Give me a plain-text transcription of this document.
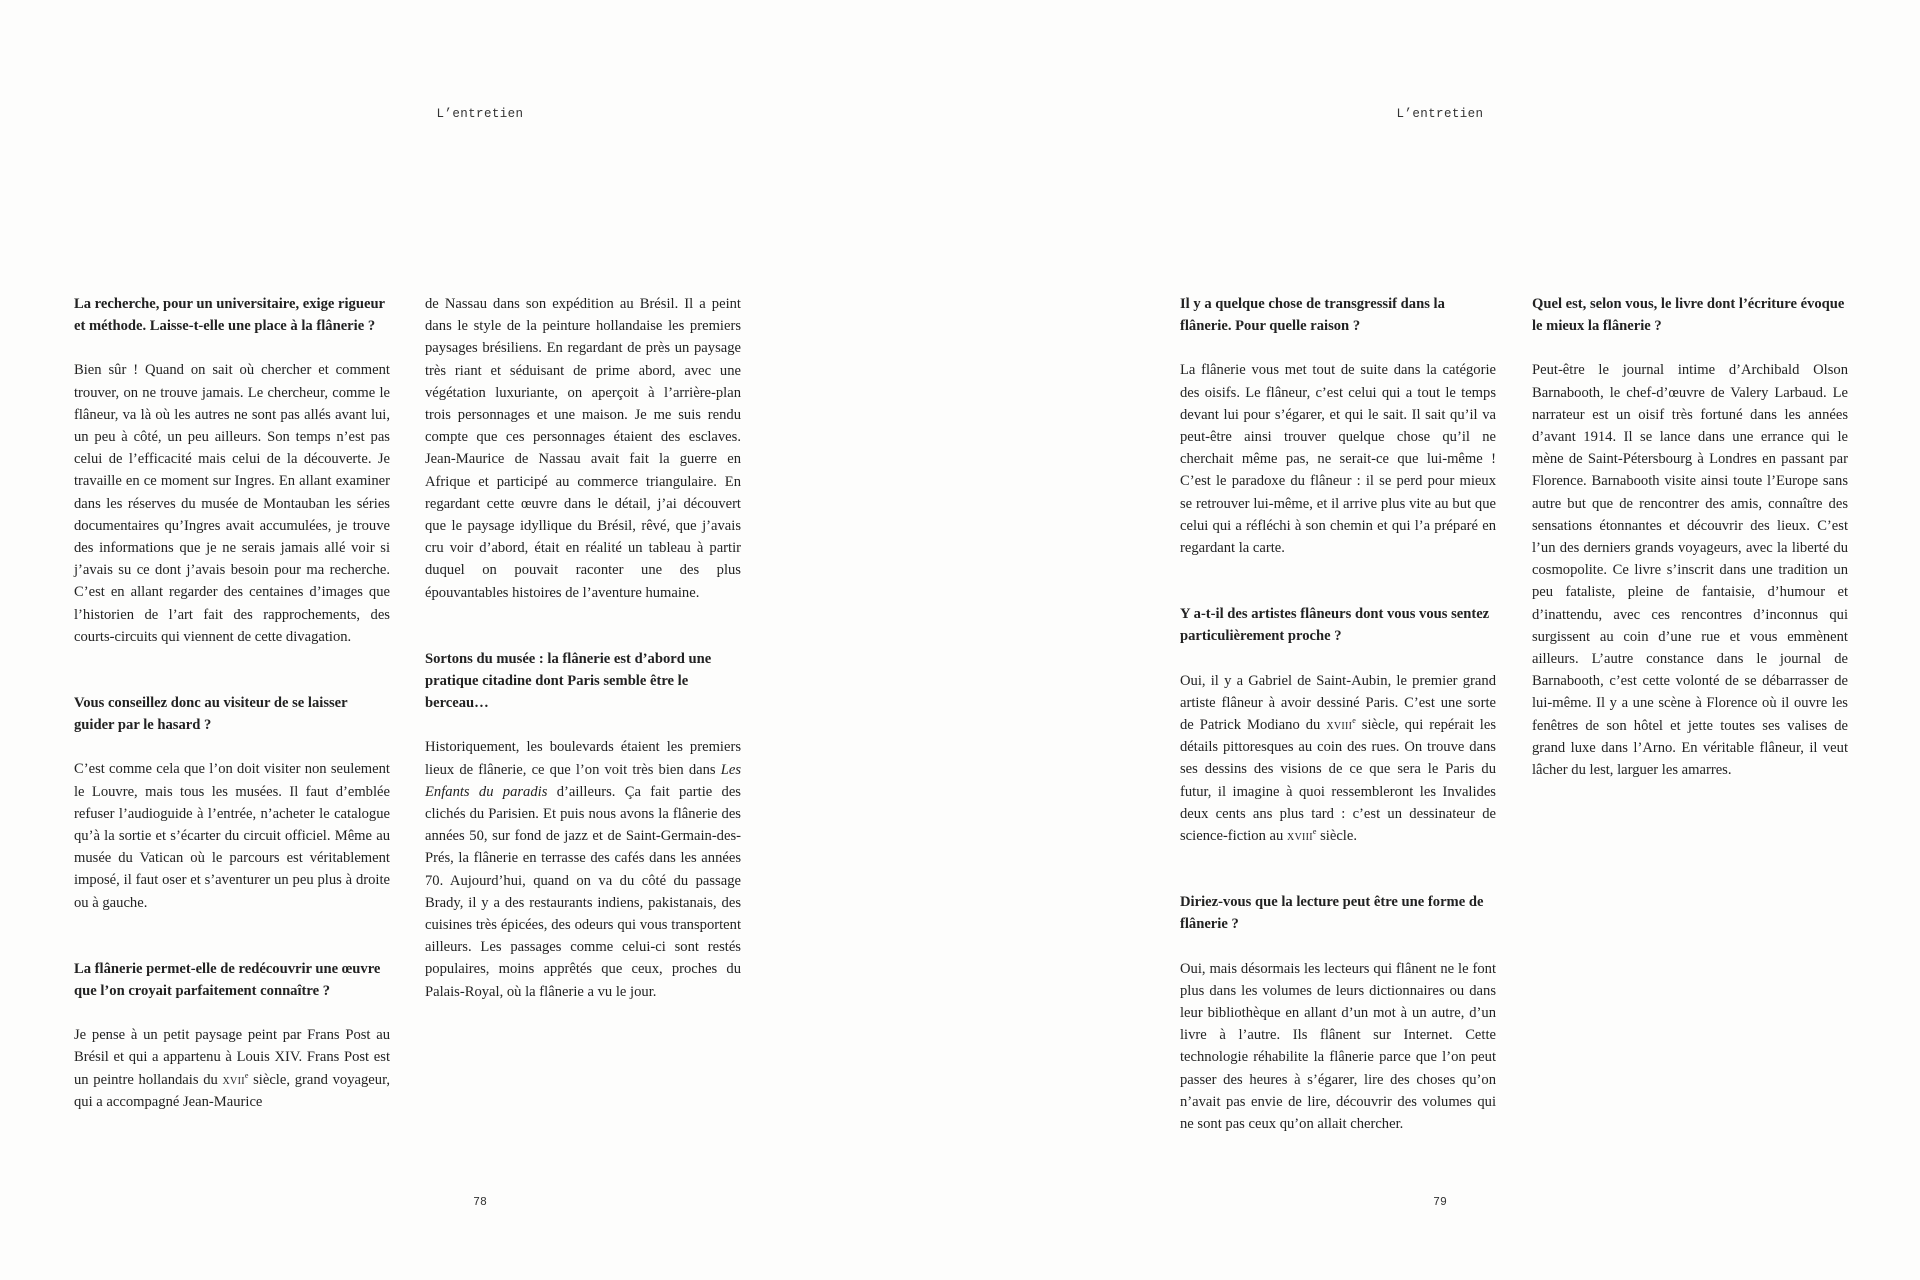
L’entretien

La recherche, pour un universitaire, exige rigueur et méthode. Laisse-t-elle une place à la flânerie ?

Bien sûr ! Quand on sait où chercher et comment trouver, on ne trouve jamais. Le chercheur, comme le flâneur, va là où les autres ne sont pas allés avant lui, un peu à côté, un peu ailleurs. Son temps n’est pas celui de l’efficacité mais celui de la découverte. Je travaille en ce moment sur Ingres. En allant examiner dans les réserves du musée de Montauban les séries documentaires qu’Ingres avait accumulées, je trouve des informations que je ne serais jamais allé voir si j’avais su ce dont j’avais besoin pour ma recherche. C’est en allant regarder des centaines d’images que l’historien de l’art fait des rapprochements, des courts-circuits qui viennent de cette divagation.

Vous conseillez donc au visiteur de se laisser guider par le hasard ?

C’est comme cela que l’on doit visiter non seulement le Louvre, mais tous les musées. Il faut d’emblée refuser l’audioguide à l’entrée, n’acheter le catalogue qu’à la sortie et s’écarter du circuit officiel. Même au musée du Vatican où le parcours est véritablement imposé, il faut oser et s’aventurer un peu plus à droite ou à gauche.

La flânerie permet-elle de redécouvrir une œuvre que l’on croyait parfaitement connaître ?

Je pense à un petit paysage peint par Frans Post au Brésil et qui a appartenu à Louis XIV. Frans Post est un peintre hollandais du xvii$^e$ siècle, grand voyageur, qui a accompagné Jean-Maurice

de Nassau dans son expédition au Brésil. Il a peint dans le style de la peinture hollandaise les premiers paysages brésiliens. En regardant de près un paysage très riant et séduisant de prime abord, avec une végétation luxuriante, on aperçoit à l’arrière-plan trois personnages et une maison. Je me suis rendu compte que ces personnages étaient des esclaves. Jean-Maurice de Nassau avait fait la guerre en Afrique et participé au commerce triangulaire. En regardant cette œuvre dans le détail, j’ai découvert que le paysage idyllique du Brésil, rêvé, que j’avais cru voir d’abord, était en réalité un tableau à partir duquel on pouvait raconter une des plus épouvantables histoires de l’aventure humaine.

Sortons du musée : la flânerie est d’abord une pratique citadine dont Paris semble être le berceau…

Historiquement, les boulevards étaient les premiers lieux de flânerie, ce que l’on voit très bien dans Les Enfants du paradis d’ailleurs. Ça fait partie des clichés du Parisien. Et puis nous avons la flânerie des années 50, sur fond de jazz et de Saint-Germain-des-Prés, la flânerie en terrasse des cafés dans les années 70. Aujourd’hui, quand on va du côté du passage Brady, il y a des restaurants indiens, pakistanais, des cuisines très épicées, des odeurs qui vous transportent ailleurs. Les passages comme celui-ci sont restés populaires, moins apprêtés que ceux, proches du Palais-Royal, où la flânerie a vu le jour.

78
L’entretien

Il y a quelque chose de transgressif dans la flânerie. Pour quelle raison ?

La flânerie vous met tout de suite dans la catégorie des oisifs. Le flâneur, c’est celui qui a tout le temps devant lui pour s’égarer, et qui le sait. Il sait qu’il va peut-être ainsi trouver quelque chose qu’il ne cherchait même pas, ne serait-ce que lui-même ! C’est le paradoxe du flâneur : il se perd pour mieux se retrouver lui-même, et il arrive plus vite au but que celui qui a réfléchi à son chemin et qui l’a préparé en regardant la carte.

Y a-t-il des artistes flâneurs dont vous vous sentez particulièrement proche ?

Oui, il y a Gabriel de Saint-Aubin, le premier grand artiste flâneur à avoir dessiné Paris. C’est une sorte de Patrick Modiano du xviii$^e$ siècle, qui repérait les détails pittoresques au coin des rues. On trouve dans ses dessins des visions de ce que sera le Paris du futur, il imagine à quoi ressembleront les Invalides deux cents ans plus tard : c’est un dessinateur de science-fiction au xviii$^e$ siècle.

Diriez-vous que la lecture peut être une forme de flânerie ?

Oui, mais désormais les lecteurs qui flânent ne le font plus dans les volumes de leurs dictionnaires ou dans leur bibliothèque en allant d’un mot à un autre, d’un livre à l’autre. Ils flânent sur Internet. Cette technologie réhabilite la flânerie parce que l’on peut passer des heures à s’égarer, lire des choses qu’on n’avait pas envie de lire, découvrir des volumes qui ne sont pas ceux qu’on allait chercher.

Quel est, selon vous, le livre dont l’écriture évoque le mieux la flânerie ?

Peut-être le journal intime d’Archibald Olson Barnabooth, le chef-d’œuvre de Valery Larbaud. Le narrateur est un oisif très fortuné dans les années d’avant 1914. Il se lance dans une errance qui le mène de Saint-Pétersbourg à Londres en passant par Florence. Barnabooth visite ainsi toute l’Europe sans autre but que de rencontrer des amis, connaître des sensations étonnantes et découvrir des lieux. C’est l’un des derniers grands voyageurs, avec la liberté du cosmopolite. Ce livre s’inscrit dans une tradition un peu fataliste, pleine de fantaisie, d’humour et d’inattendu, avec ces rencontres d’inconnus qui surgissent au coin d’une rue et vous emmènent ailleurs. L’autre constance dans le journal de Barnabooth, c’est cette volonté de se débarrasser de lui-même. Il y a une scène à Florence où il ouvre les fenêtres de son hôtel et jette toutes ses valises de grand luxe dans l’Arno. En véritable flâneur, il veut lâcher du lest, larguer les amarres.

79
